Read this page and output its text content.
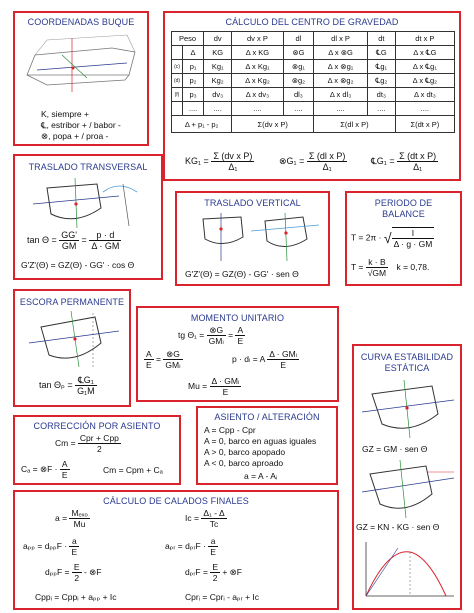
COORDENADAS BUQUE
K, siempre +
℄, estribor + / babor -
⊗, popa + / proa -
CÁLCULO DEL CENTRO DE GRAVEDAD
Peso		dv	dv x P	dl	dl x P	dt	dt x P
	Δ	KG	Δ x KG	⊗G	Δ x ⊗G	℄G	Δ x ℄G
(c)	p₁	Kg₁	Δ x Kg₁	⊗g₁	Δ x ⊗g₁	℄g₁	Δ x ℄g₁
(d)	p₂	Kg₂	Δ x Kg₂	⊗g₂	Δ x ⊗g₂	℄g₂	Δ x ℄g₂
(f)	p₃	dv₃	Δ x dv₃	dl₃	Δ x dl₃	dt₃	Δ x dt₃
	....	....	....	....	....	....	....
Δ + p₁ - p₂			Σ(dv x P)		Σ(dl x P)		Σ(dt x P)
$KG_1 = \frac{\text{Σ (dv x P)}}{\text{Δ₁}}$	⊗G₁ = $\frac{\text{Σ (dl x P)}}{\text{Δ₁}}$	℄G₁ = $\frac{\text{Σ (dt x P)}}{\text{Δ₁}}$
TRASLADO TRANSVERSAL
$\tan \Theta = \frac{GG'}{GM} = \frac{p \cdot d}{\Delta \cdot GM}$
G'Z'(Θ) = GZ(Θ) - GG' · cos Θ
TRASLADO VERTICAL
G'Z'(Θ) = GZ(Θ) - GG' · sen Θ
PERIODO DE
BALANCE
T = 2π · √ $\frac{I}{\Delta \cdot g \cdot GM}$
$T = \frac{k \cdot B}{√GM}$ k = 0,78.
ESCORA PERMANENTE
$\tan \Theta_p = \frac{\text{℄G₁}}{\text{G₁M}}$
MOMENTO UNITARIO
tg $\Theta_1 = \frac{\otimes G}{\text{GMₗ}} = \frac{A}{E}$
$\frac{A}{E} = \frac{\otimes G}{\text{GMₗ}}$	p · dₗ = A $\frac{\text{Δ · GMₗ}}{E}$
$Mu = \frac{\text{Δ · GMₗ}}{E}$
CURVA ESTABILIDAD
ESTÁTICA
GZ = GM · sen Θ
GZ = KN - KG · sen Θ
CORRECCIÓN POR ASIENTO
$Cm = \frac{\text{Cpr + Cpp}}{2}$
Cₐ = ⊗F · $\frac{A}{E}$	Cm = Cpm + Cₐ
ASIENTO / ALTERACIÓN
A = Cpp - Cpr
A = 0, barco en aguas iguales
A > 0, barco apopado
A < 0, barco aproado
a = A - Aᵢ
CÁLCULO DE CALADOS FINALES
$a = \frac{\text{Mₑₓₒ}}{Mu}$	$Ic = \frac{\text{Δ₁ - Δ}}{Tc}$
$a_{pp} = d_{pp}F \cdot \frac{a}{E}$	aₚᵣ = dₚᵣF · $\frac{a}{E}$
$d_{pp}F = \frac{E}{2}$ - ⊗F	dₚᵣF = $\frac{E}{2}$ + ⊗F
Cppᵢ = Cppᵢ + aₚₚ + Ic	Cprᵢ = Cprᵢ - aₚᵣ + Ic
